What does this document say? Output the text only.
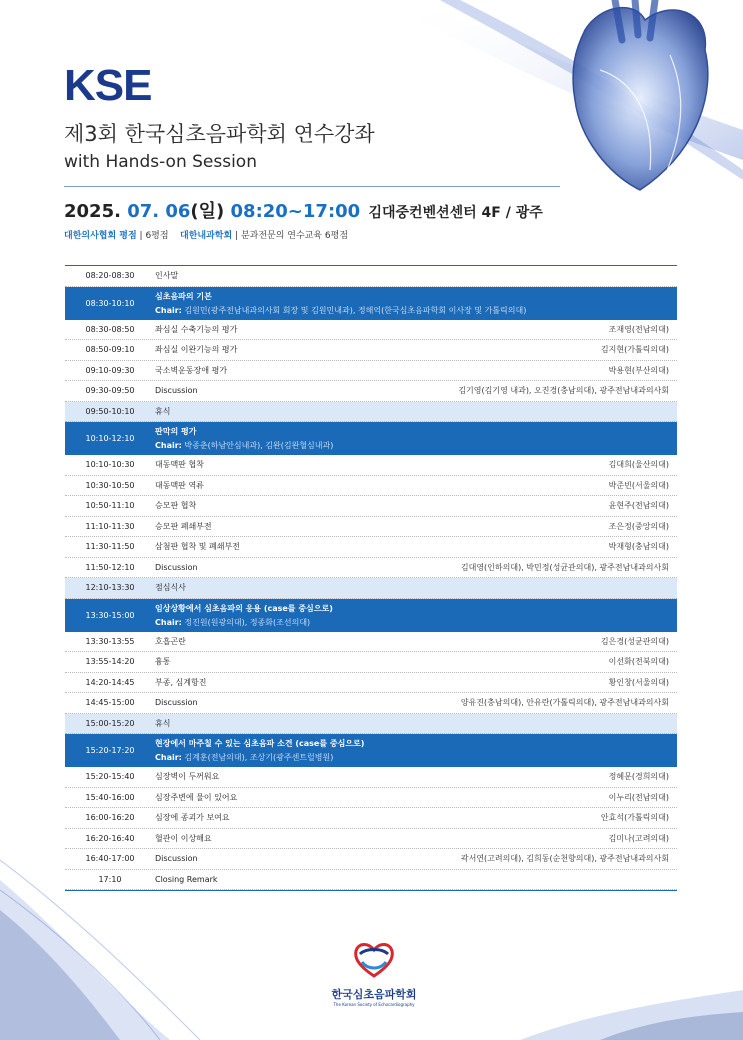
KSE
제3회 한국심초음파학회 연수강좌
with Hands-on Session
2025. 07. 06(일) 08:20~17:00 김대중컨벤션센터 4F / 광주
대한의사협회 평점 | 6평점 대한내과학회 | 분과전문의 연수교육 6평점
08:20-08:30	인사말
08:30-10:10
심초음파의 기본
Chair: 김원민(광주전남내과의사회 회장 및 김원민내과), 정해억(한국심초음파학회 이사장 및 가톨릭의대)
08:30-08:50	좌심실 수축기능의 평가	조재영(전남의대)
08:50-09:10	좌심실 이완기능의 평가	김지현(가톨릭의대)
09:10-09:30	국소벽운동장애 평가	박용현(부산의대)
09:30-09:50	Discussion	김기영(김기영 내과), 오진경(충남의대), 광주전남내과의사회
09:50-10:10	휴식
10:10-12:10
판막의 평가
Chair: 박종춘(하남안심내과), 김완(김완혈심내과)
10:10-10:30	대동맥판 협착	김대희(울산의대)
10:30-10:50	대동맥판 역류	박준빈(서울의대)
10:50-11:10	승모판 협착	윤현주(전남의대)
11:10-11:30	승모판 폐쇄부전	조은정(중앙의대)
11:30-11:50	삼첨판 협착 및 폐쇄부전	박재형(충남의대)
11:50-12:10	Discussion	김대영(인하의대), 박민정(성균관의대), 광주전남내과의사회
12:10-13:30	점심식사
13:30-15:00
임상상황에서 심초음파의 응용 (case를 중심으로)
Chair: 정진원(원광의대), 정종화(조선의대)
13:30-13:55	호흡곤란	김은경(성균관의대)
13:55-14:20	흉통	이선화(전북의대)
14:20-14:45	부종, 심계항진	황인창(서울의대)
14:45-15:00	Discussion	양유진(충남의대), 안유란(가톨릭의대), 광주전남내과의사회
15:00-15:20	휴식
15:20-17:20
현장에서 마주칠 수 있는 심초음파 소견 (case를 중심으로)
Chair: 김계훈(전남의대), 조상기(광주센트럴병원)
15:20-15:40	심장벽이 두꺼워요	정혜문(경희의대)
15:40-16:00	심장주변에 물이 있어요	이누리(전남의대)
16:00-16:20	심장에 종괴가 보여요	안효석(가톨릭의대)
16:20-16:40	혈관이 이상해요	김미나(고려의대)
16:40-17:00	Discussion	곽서연(고려의대), 김희동(순천향의대), 광주전남내과의사회
17:10	Closing Remark
한국심초음파학회
The Korean Society of Echocardiography
